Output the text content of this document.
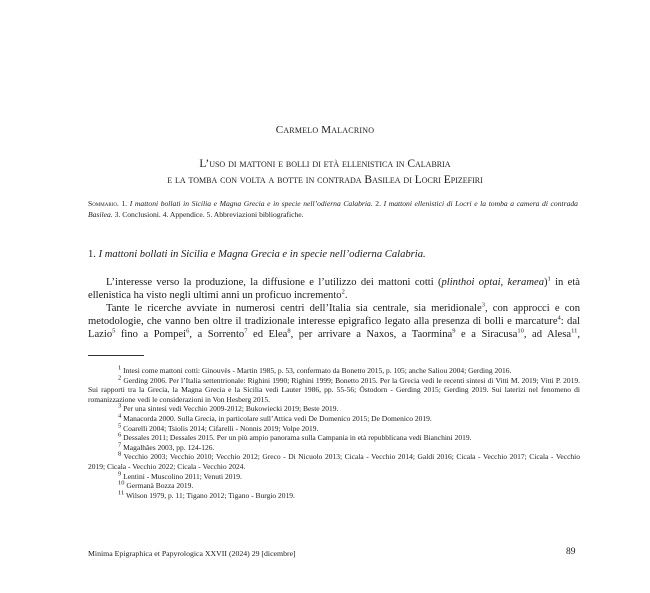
Carmelo Malacrino
L’uso di mattoni e bolli di età ellenistica in Calabria
e la tomba con volta a botte in contrada Basilea di Locri Epizefiri
Sommario. 1. I mattoni bollati in Sicilia e Magna Grecia e in specie nell’odierna Calabria. 2. I mattoni ellenistici di Locri e la tomba a camera di contrada Basilea. 3. Conclusioni. 4. Appendice. 5. Abbreviazioni bibliografiche.
1. I mattoni bollati in Sicilia e Magna Grecia e in specie nell’odierna Calabria.

L’interesse verso la produzione, la diffusione e l’utilizzo dei mattoni cotti (plinthoi optai, keramea)$^1$ in età ellenistica ha visto negli ultimi anni un proficuo incremento$^2$.

Tante le ricerche avviate in numerosi centri dell’Italia sia centrale, sia meridionale$^3$, con approcci e con metodologie, che vanno ben oltre il tradizionale interesse epigrafico legato alla presenza di bolli e marcature$^4$: dal Lazio$^5$ fino a Pompei$^6$, a Sorrento$^7$ ed Elea$^8$, per arrivare a Naxos, a Taormina$^9$ e a Siracusa$^{10}$, ad Alesa$^{11}$,

$^1$ Intesi come mattoni cotti: Ginouvès - Martin 1985, p. 53, confermato da Bonetto 2015, p. 105; anche Saliou 2004; Gerding 2016.

$^2$ Gerding 2006. Per l’Italia settentrionale: Righini 1990; Righini 1999; Bonetto 2015. Per la Grecia vedi le recenti sintesi di Vitti M. 2019; Vitti P. 2019. Sui rapporti tra la Grecia, la Magna Grecia e la Sicilia vedi Lauter 1986, pp. 55-56; Östodorn - Gerding 2015; Gerding 2019. Sui laterizi nel fenomeno di romanizzazione vedi le considerazioni in Von Hesberg 2015.

$^3$ Per una sintesi vedi Vecchio 2009-2012; Bukowiecki 2019; Beste 2019.

$^4$ Manacorda 2000. Sulla Grecia, in particolare sull’Attica vedi De Domenico 2015; De Domenico 2019.

$^5$ Coarelli 2004; Tsiolis 2014; Cifarelli - Nonnis 2019; Volpe 2019.

$^6$ Dessales 2011; Dessales 2015. Per un più ampio panorama sulla Campania in età repubblicana vedi Bianchini 2019.

$^7$ Magalhães 2003, pp. 124-126.

$^8$ Vecchio 2003; Vecchio 2010; Vecchio 2012; Greco - Di Nicuolo 2013; Cicala - Vecchio 2014; Galdi 2016; Cicala - Vecchio 2017; Cicala - Vecchio 2019; Cicala - Vecchio 2022; Cicala - Vecchio 2024.

$^9$ Lentini - Muscolino 2011; Venuti 2019.

$^{10}$ Germanà Bozza 2019.

$^{11}$ Wilson 1979, p. 11; Tigano 2012; Tigano - Burgio 2019.

Minima Epigraphica et Papyrologica XXVII (2024) 29 [dicembre]	89
